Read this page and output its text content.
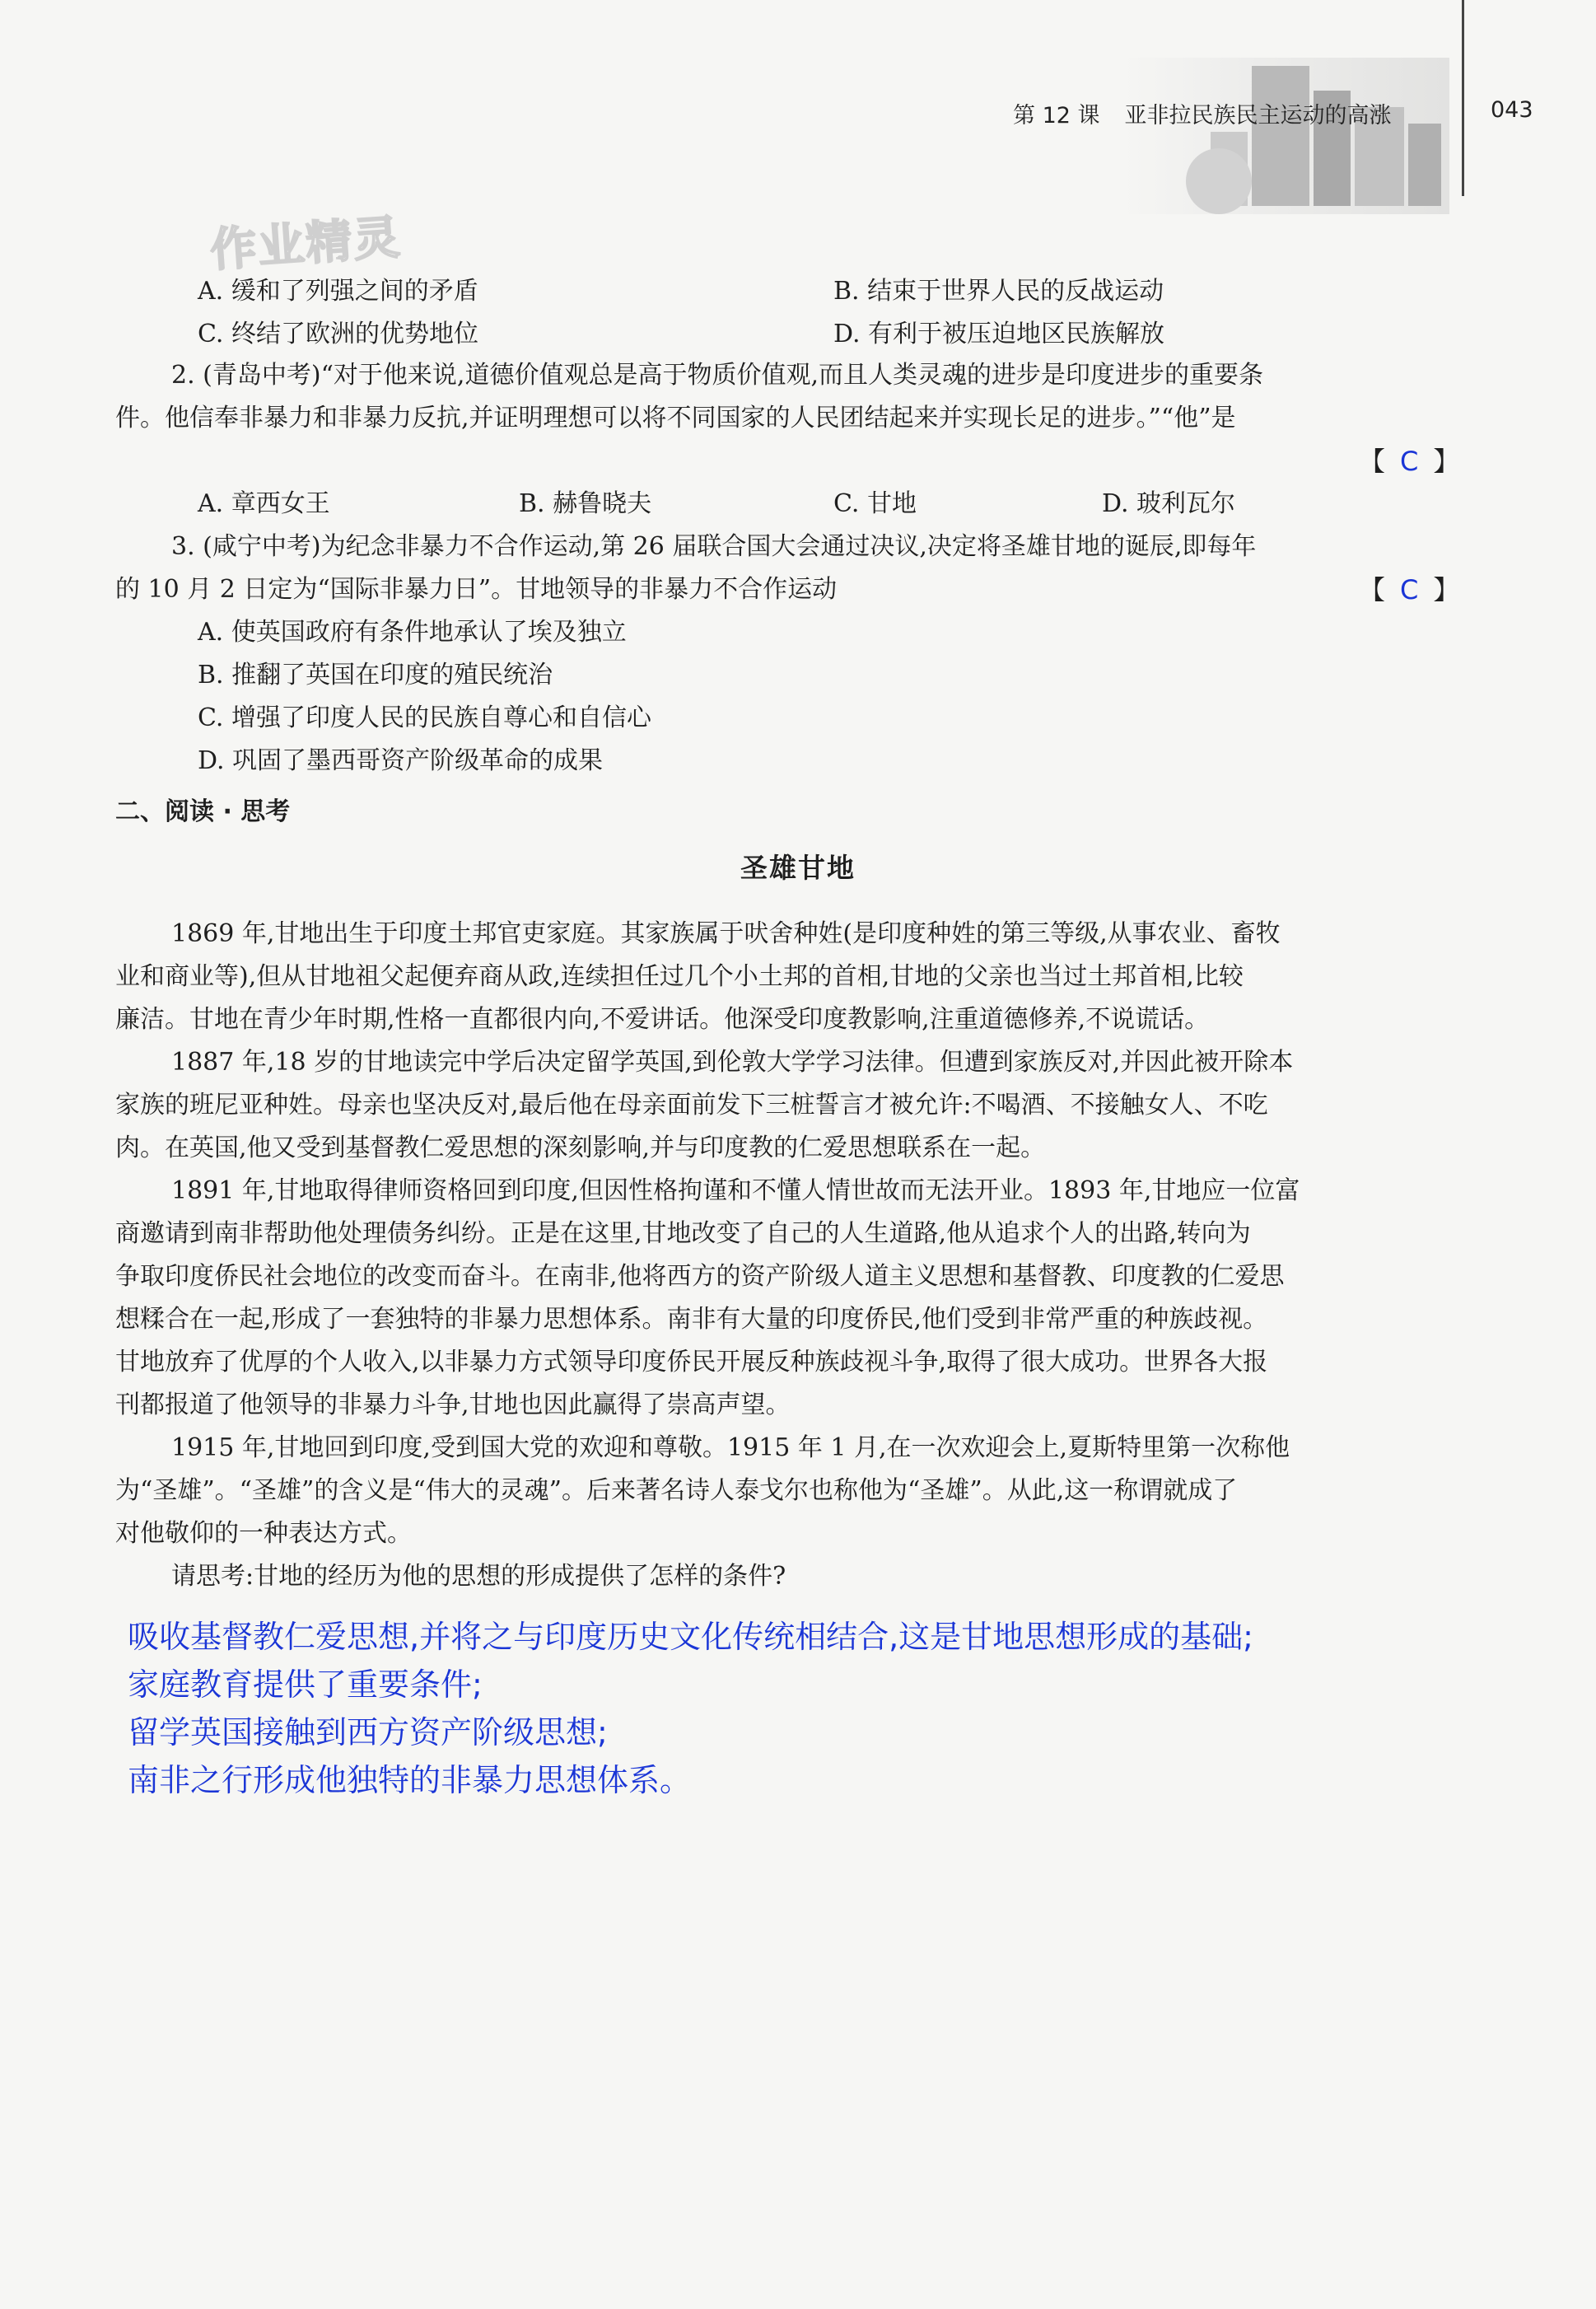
第 12 课 亚非拉民族民主运动的高涨	043
作业精灵
A. 缓和了列强之间的矛盾	B. 结束于世界人民的反战运动
C. 终结了欧洲的优势地位	D. 有利于被压迫地区民族解放
2. (青岛中考)“对于他来说,道德价值观总是高于物质价值观,而且人类灵魂的进步是印度进步的重要条
件。他信奉非暴力和非暴力反抗,并证明理想可以将不同国家的人民团结起来并实现长足的进步。”“他”是
【 C 】
A. 章西女王	B. 赫鲁晓夫	C. 甘地	D. 玻利瓦尔
3. (咸宁中考)为纪念非暴力不合作运动,第 26 届联合国大会通过决议,决定将圣雄甘地的诞辰,即每年
的 10 月 2 日定为“国际非暴力日”。甘地领导的非暴力不合作运动	【 C 】
A. 使英国政府有条件地承认了埃及独立
B. 推翻了英国在印度的殖民统治
C. 增强了印度人民的民族自尊心和自信心
D. 巩固了墨西哥资产阶级革命的成果
二、阅读 · 思考
圣雄甘地
1869 年,甘地出生于印度土邦官吏家庭。其家族属于吠舍种姓(是印度种姓的第三等级,从事农业、畜牧
业和商业等),但从甘地祖父起便弃商从政,连续担任过几个小土邦的首相,甘地的父亲也当过土邦首相,比较
廉洁。甘地在青少年时期,性格一直都很内向,不爱讲话。他深受印度教影响,注重道德修养,不说谎话。
1887 年,18 岁的甘地读完中学后决定留学英国,到伦敦大学学习法律。但遭到家族反对,并因此被开除本
家族的班尼亚种姓。母亲也坚决反对,最后他在母亲面前发下三桩誓言才被允许:不喝酒、不接触女人、不吃
肉。在英国,他又受到基督教仁爱思想的深刻影响,并与印度教的仁爱思想联系在一起。
1891 年,甘地取得律师资格回到印度,但因性格拘谨和不懂人情世故而无法开业。1893 年,甘地应一位富
商邀请到南非帮助他处理债务纠纷。正是在这里,甘地改变了自己的人生道路,他从追求个人的出路,转向为
争取印度侨民社会地位的改变而奋斗。在南非,他将西方的资产阶级人道主义思想和基督教、印度教的仁爱思
想糅合在一起,形成了一套独特的非暴力思想体系。南非有大量的印度侨民,他们受到非常严重的种族歧视。
甘地放弃了优厚的个人收入,以非暴力方式领导印度侨民开展反种族歧视斗争,取得了很大成功。世界各大报
刊都报道了他领导的非暴力斗争,甘地也因此赢得了崇高声望。
1915 年,甘地回到印度,受到国大党的欢迎和尊敬。1915 年 1 月,在一次欢迎会上,夏斯特里第一次称他
为“圣雄”。“圣雄”的含义是“伟大的灵魂”。后来著名诗人泰戈尔也称他为“圣雄”。从此,这一称谓就成了
对他敬仰的一种表达方式。
请思考:甘地的经历为他的思想的形成提供了怎样的条件?
吸收基督教仁爱思想,并将之与印度历史文化传统相结合,这是甘地思想形成的基础;
家庭教育提供了重要条件;
留学英国接触到西方资产阶级思想;
南非之行形成他独特的非暴力思想体系。
